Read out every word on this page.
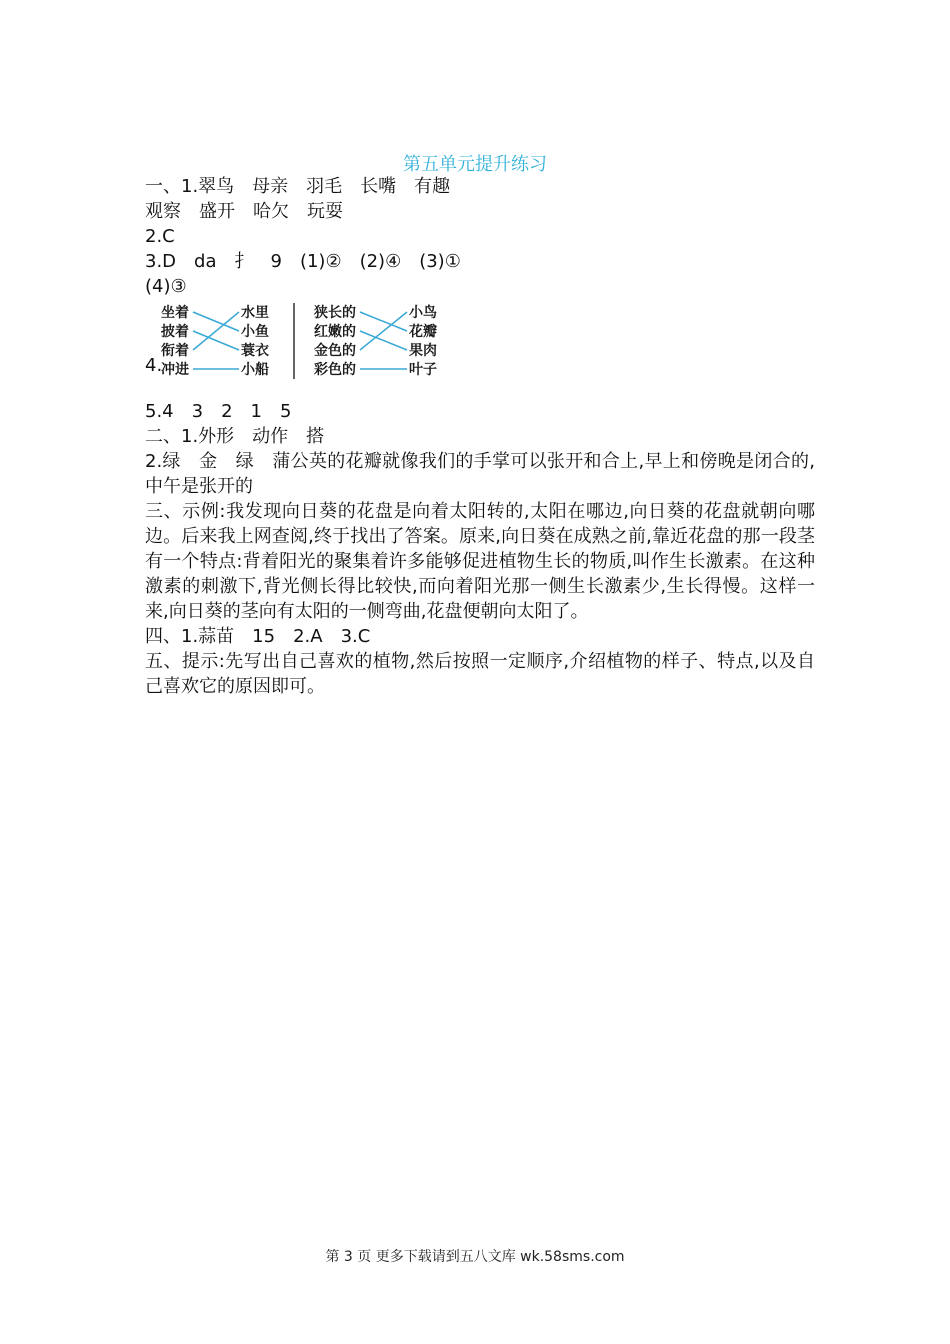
第五单元提升练习
一、1.翠鸟　母亲　羽毛　长嘴　有趣
观察　盛开　哈欠　玩耍
2.C
3.D　da　扌　9　(1)②　(2)④　(3)①
(4)③
4.
坐着
披着
衔着
冲进
水里
小鱼
蓑衣
小船
狭长的
红嫩的
金色的
彩色的
小鸟
花瓣
果肉
叶子
5.4　3　2　1　5
二、1.外形　动作　搭
2.绿　金　绿　蒲公英的花瓣就像我们的手掌可以张开和合上,早上和傍晚是闭合的,中午是张开的
三、示例:我发现向日葵的花盘是向着太阳转的,太阳在哪边,向日葵的花盘就朝向哪边。后来我上网查阅,终于找出了答案。原来,向日葵在成熟之前,靠近花盘的那一段茎有一个特点:背着阳光的聚集着许多能够促进植物生长的物质,叫作生长激素。在这种激素的刺激下,背光侧长得比较快,而向着阳光那一侧生长激素少,生长得慢。这样一来,向日葵的茎向有太阳的一侧弯曲,花盘便朝向太阳了。
四、1.蒜苗　15　2.A　3.C
五、提示:先写出自己喜欢的植物,然后按照一定顺序,介绍植物的样子、特点,以及自己喜欢它的原因即可。
第 3 页 更多下载请到五八文库 wk.58sms.com
